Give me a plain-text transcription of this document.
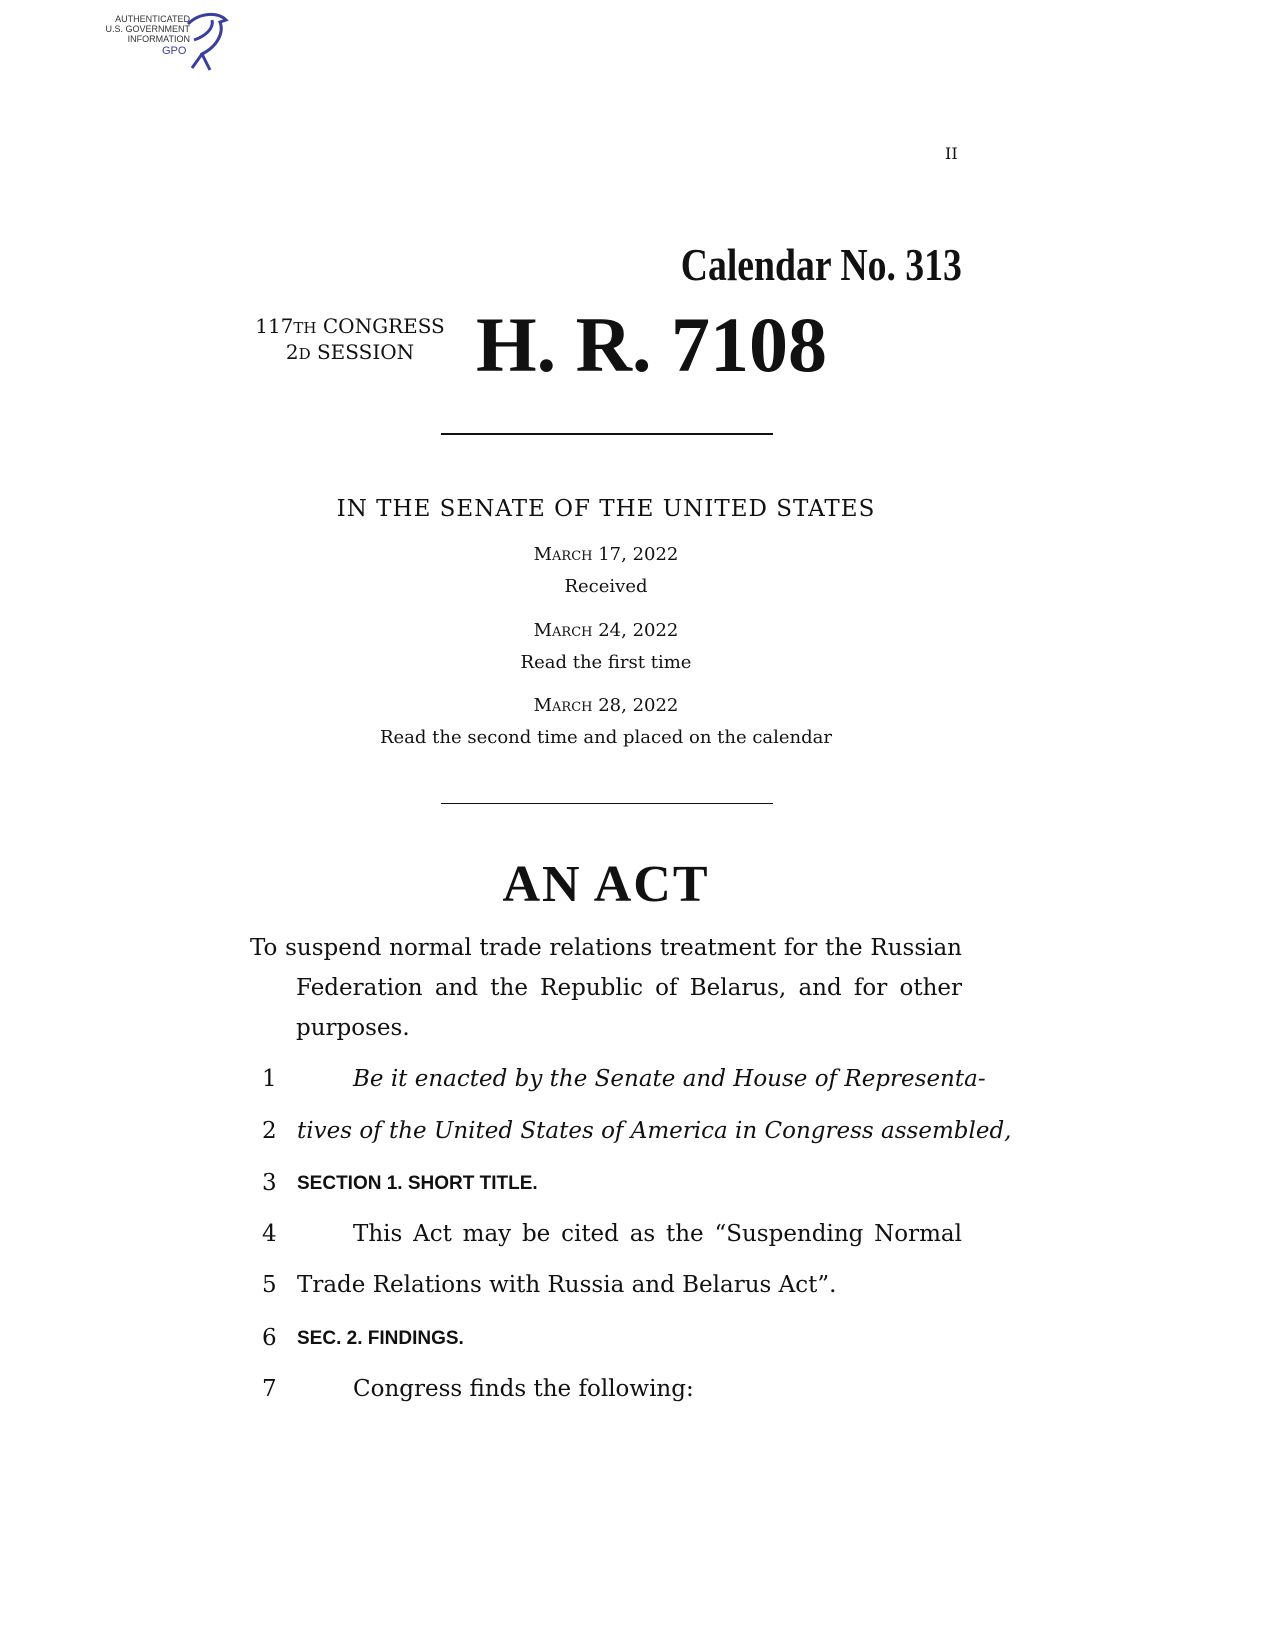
AUTHENTICATED
U.S. GOVERNMENT
INFORMATION
GPO
II
Calendar No. 313
117TH CONGRESS
2D SESSION H. R. 7108
IN THE SENATE OF THE UNITED STATES
March 17, 2022
Received
March 24, 2022
Read the first time
March 28, 2022
Read the second time and placed on the calendar
AN ACT
To suspend normal trade relations treatment for the Russian Federation and the Republic of Belarus, and for other purposes.
1	Be it enacted by the Senate and House of Representa-
2 tives of the United States of America in Congress assembled,
3 SECTION 1. SHORT TITLE.
4	This Act may be cited as the “Suspending Normal
5 Trade Relations with Russia and Belarus Act”.
6 SEC. 2. FINDINGS.
7	Congress finds the following:
